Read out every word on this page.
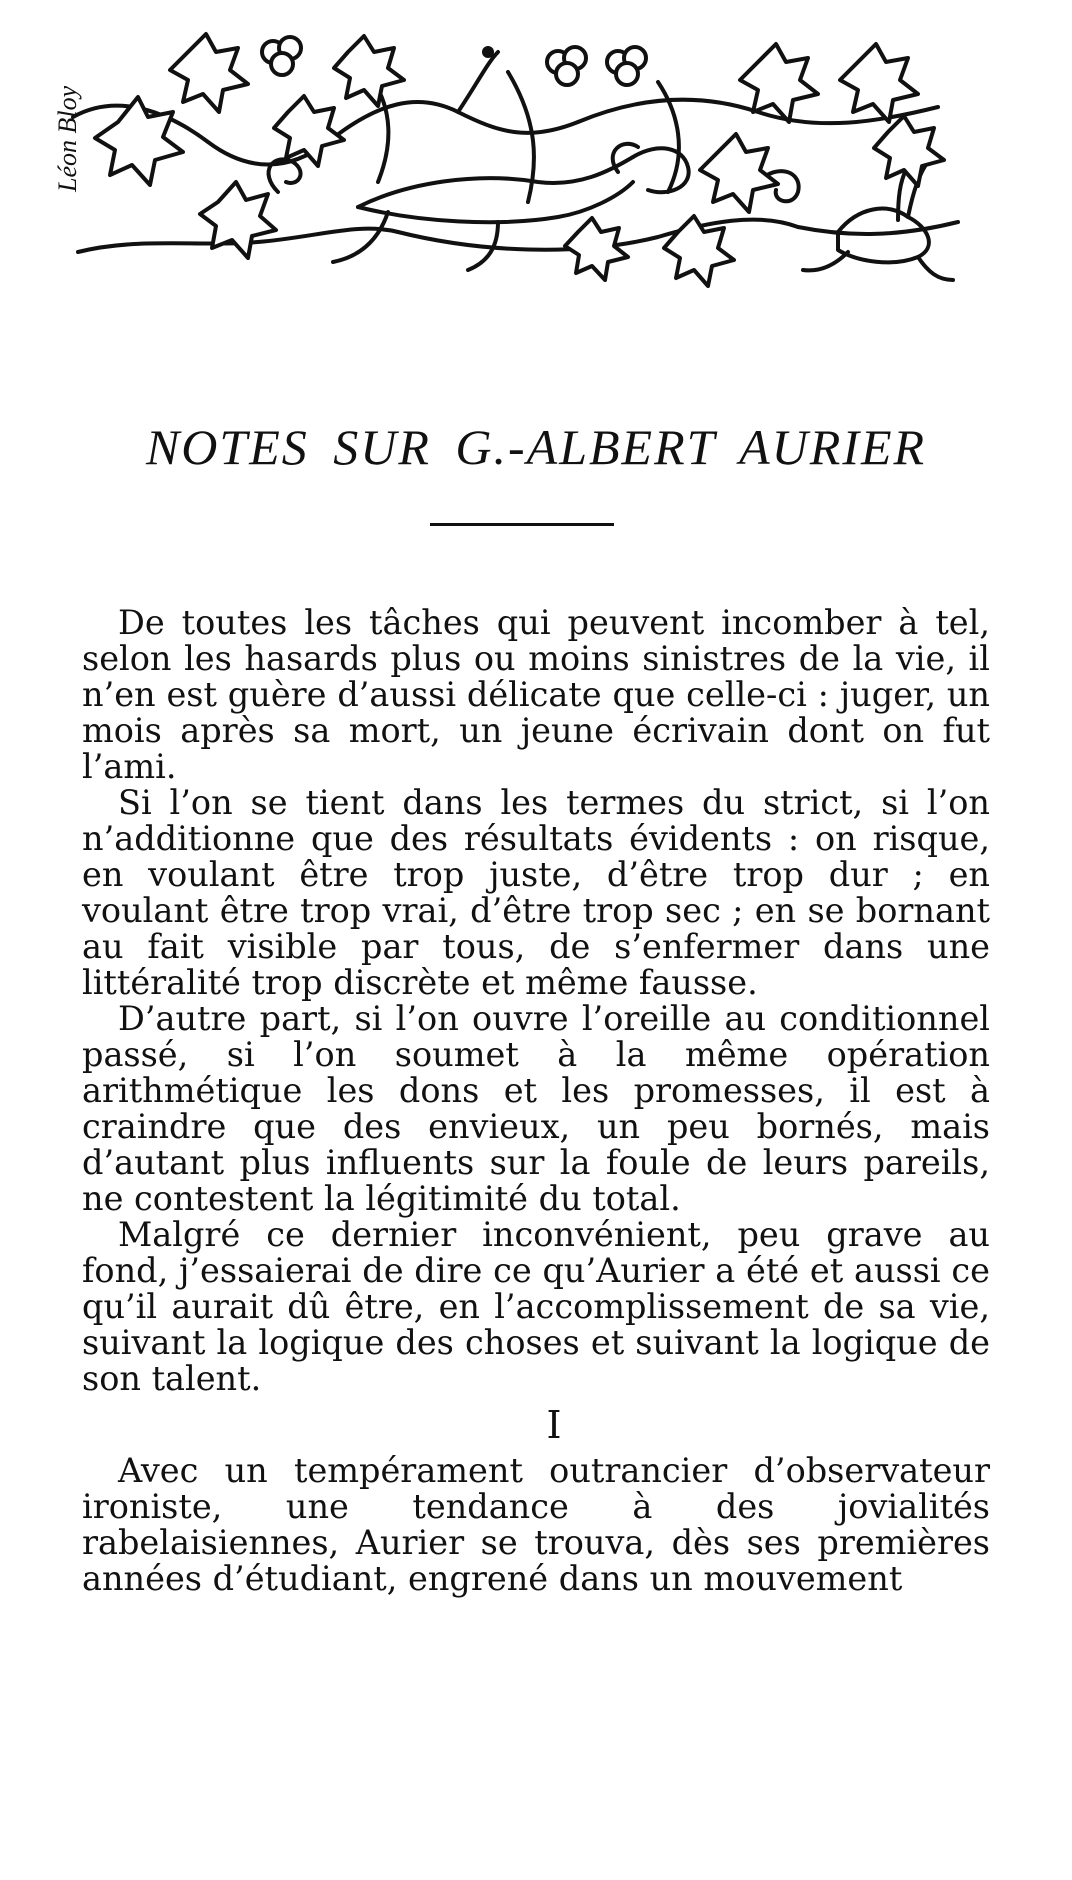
Léon Bloy
NOTES SUR G.-ALBERT AURIER

De toutes les tâches qui peuvent incomber à tel, selon les hasards plus ou moins sinistres de la vie, il n’en est guère d’aussi délicate que celle-ci : juger, un mois après sa mort, un jeune écrivain dont on fut l’ami.

Si l’on se tient dans les termes du strict, si l’on n’additionne que des résultats évidents : on risque, en voulant être trop juste, d’être trop dur ; en voulant être trop vrai, d’être trop sec ; en se bornant au fait visible par tous, de s’enfermer dans une littéralité trop discrète et même fausse.

D’autre part, si l’on ouvre l’oreille au conditionnel passé, si l’on soumet à la même opération arithmétique les dons et les promesses, il est à craindre que des envieux, un peu bornés, mais d’autant plus influents sur la foule de leurs pareils, ne contestent la légitimité du total.

Malgré ce dernier inconvénient, peu grave au fond, j’essaierai de dire ce qu’Aurier a été et aussi ce qu’il aurait dû être, en l’accomplissement de sa vie, suivant la logique des choses et suivant la logique de son talent.

I

Avec un tempérament outrancier d’observateur ironiste, une tendance à des jovialités rabelaisiennes, Aurier se trouva, dès ses premières années d’étudiant, engrené dans un mouvement
